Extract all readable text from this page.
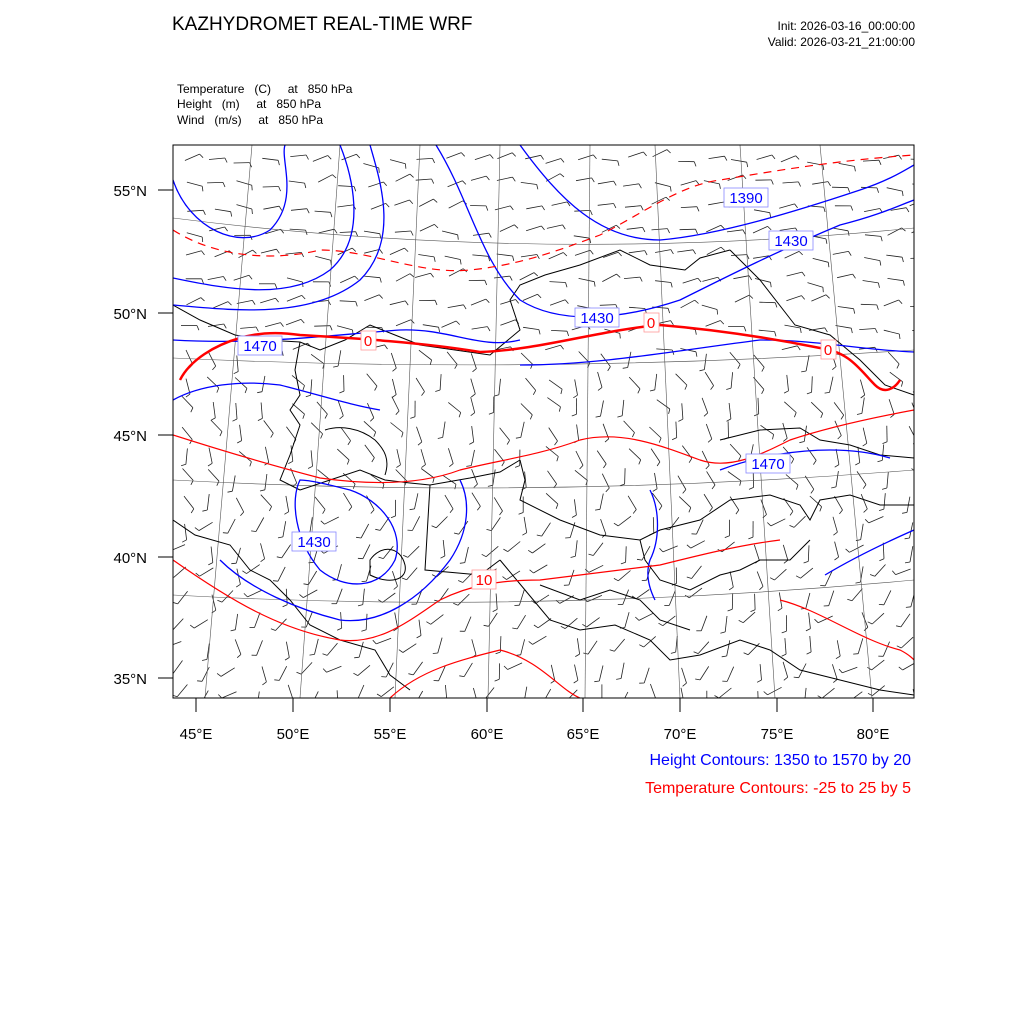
KAZHYDROMET REAL-TIME WRF	Init: 2026-03-16_00:00:00
Valid: 2026-03-21_21:00:00
Temperature   (C)     at   850 hPa
Height   (m)     at   850 hPa
Wind   (m/s)     at   850 hPa
55°N
50°N
45°N
40°N
35°N
45°E	50°E	55°E	60°E	65°E	70°E	75°E	80°E
1390
1430
1430
1470
1470
1430
0
0
0
10
Height Contours: 1350 to 1570 by 20
Temperature Contours: -25 to 25 by 5
